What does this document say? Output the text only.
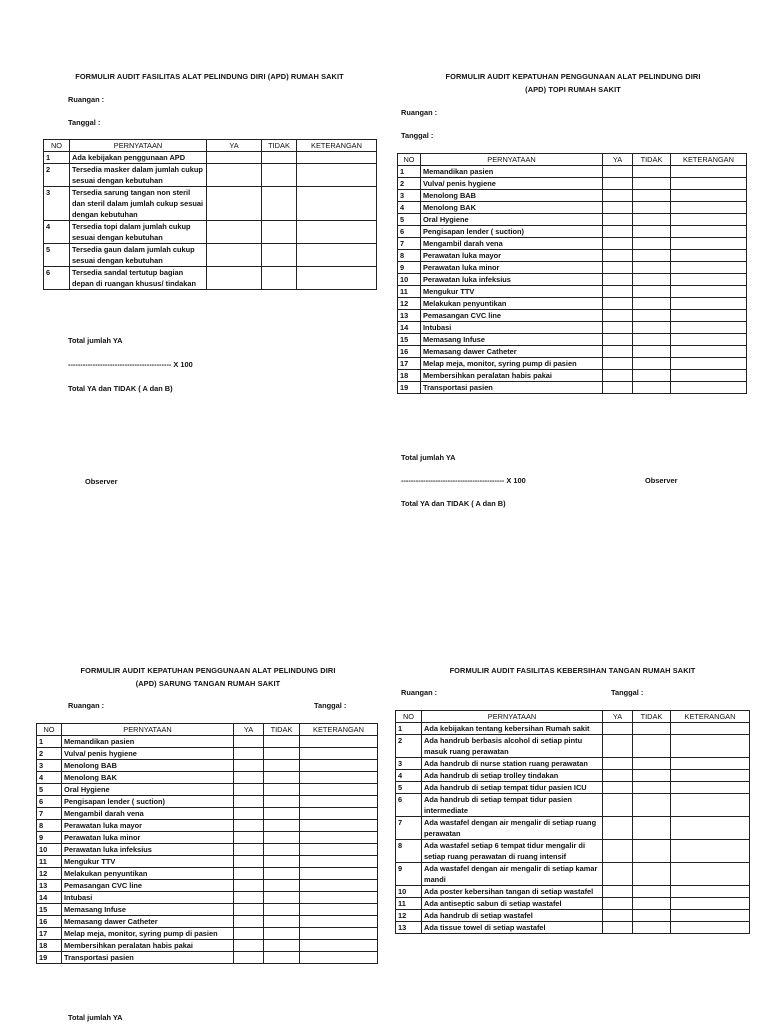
FORMULIR AUDIT FASILITAS ALAT PELINDUNG DIRI (APD) RUMAH SAKIT
Ruangan :
Tanggal :
NO	PERNYATAAN	YA	TIDAK	KETERANGAN
1	Ada kebijakan penggunaan APD			
2	Tersedia masker dalam jumlah cukup sesuai dengan kebutuhan			
3	Tersedia sarung tangan non steril dan steril dalam jumlah cukup sesuai dengan kebutuhan			
4	Tersedia topi dalam jumlah cukup sesuai dengan kebutuhan			
5	Tersedia gaun dalam jumlah cukup sesuai dengan kebutuhan			
6	Tersedia sandal tertutup bagian depan di ruangan khusus/ tindakan			
Total jumlah YA
------------------------------------------ X 100
Total YA dan TIDAK ( A dan B)
Observer
FORMULIR AUDIT KEPATUHAN PENGGUNAAN ALAT PELINDUNG DIRI
(APD) TOPI RUMAH SAKIT
Ruangan :
Tanggal :
NO	PERNYATAAN	YA	TIDAK	KETERANGAN
1	Memandikan pasien			
2	Vulva/ penis hygiene			
3	Menolong BAB			
4	Menolong BAK			
5	Oral Hygiene			
6	Pengisapan lender ( suction)			
7	Mengambil darah vena			
8	Perawatan luka mayor			
9	Perawatan luka minor			
10	Perawatan luka infeksius			
11	Mengukur TTV			
12	Melakukan penyuntikan			
13	Pemasangan CVC line			
14	Intubasi			
15	Memasang Infuse			
16	Memasang dawer Catheter			
17	Melap meja, monitor, syring pump di pasien			
18	Membersihkan peralatan habis pakai			
19	Transportasi pasien			
Total jumlah YA
------------------------------------------ X 100	Observer
Total YA dan TIDAK ( A dan B)
FORMULIR AUDIT KEPATUHAN PENGGUNAAN ALAT PELINDUNG DIRI
(APD) SARUNG TANGAN RUMAH SAKIT
Ruangan :	Tanggal :
NO	PERNYATAAN	YA	TIDAK	KETERANGAN
1	Memandikan pasien			
2	Vulva/ penis hygiene			
3	Menolong BAB			
4	Menolong BAK			
5	Oral Hygiene			
6	Pengisapan lender ( suction)			
7	Mengambil darah vena			
8	Perawatan luka mayor			
9	Perawatan luka minor			
10	Perawatan luka infeksius			
11	Mengukur TTV			
12	Melakukan penyuntikan			
13	Pemasangan CVC line			
14	Intubasi			
15	Memasang Infuse			
16	Memasang dawer Catheter			
17	Melap meja, monitor, syring pump di pasien			
18	Membersihkan peralatan habis pakai			
19	Transportasi pasien			
Total jumlah YA
FORMULIR AUDIT FASILITAS KEBERSIHAN TANGAN RUMAH SAKIT
Ruangan :	Tanggal :
NO	PERNYATAAN	YA	TIDAK	KETERANGAN
1	Ada kebijakan tentang kebersihan Rumah sakit			
2	Ada handrub berbasis alcohol di setiap pintu masuk ruang perawatan			
3	Ada handrub di nurse station ruang perawatan			
4	Ada handrub di setiap trolley tindakan			
5	Ada handrub di setiap tempat tidur pasien ICU			
6	Ada handrub di setiap tempat tidur pasien intermediate			
7	Ada wastafel dengan air mengalir di setiap ruang perawatan			
8	Ada wastafel setiap 6 tempat tidur mengalir di setiap ruang perawatan di ruang intensif			
9	Ada wastafel dengan air mengalir di setiap kamar mandi			
10	Ada poster kebersihan tangan di setiap wastafel			
11	Ada antiseptic sabun di setiap wastafel			
12	Ada handrub di setiap wastafel			
13	Ada tissue towel di setiap wastafel			
